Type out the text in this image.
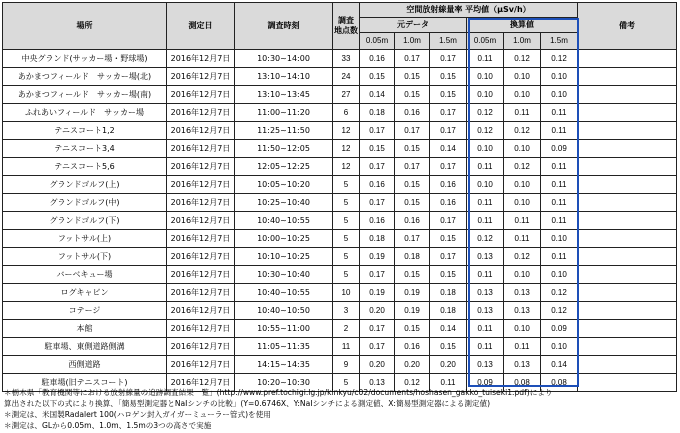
場所	測定日	調査時刻	調査
地点数	空間放射線量率 平均値（μSv/h）						備考
				元データ			換算値			
				0.05m	1.0m	1.5m	0.05m	1.0m	1.5m	
中央グランド(サッカー場・野球場)	2016年12月7日	10:30~14:00	33	0.16	0.17	0.17	0.11	0.12	0.12	
あかまつフィールド　サッカー場(北)	2016年12月7日	13:10~14:10	24	0.15	0.15	0.15	0.10	0.10	0.10	
あかまつフィールド　サッカー場(南)	2016年12月7日	13:10~13:45	27	0.14	0.15	0.15	0.10	0.10	0.10	
ふれあいフィールド　サッカー場	2016年12月7日	11:00~11:20	6	0.18	0.16	0.17	0.12	0.11	0.11	
テニスコート1,2	2016年12月7日	11:25~11:50	12	0.17	0.17	0.17	0.12	0.12	0.11	
テニスコート3,4	2016年12月7日	11:50~12:05	12	0.15	0.15	0.14	0.10	0.10	0.09	
テニスコート5,6	2016年12月7日	12:05~12:25	12	0.17	0.17	0.17	0.11	0.12	0.11	
グランドゴルフ(上)	2016年12月7日	10:05~10:20	5	0.16	0.15	0.16	0.10	0.10	0.11	
グランドゴルフ(中)	2016年12月7日	10:25~10:40	5	0.17	0.15	0.16	0.11	0.10	0.11	
グランドゴルフ(下)	2016年12月7日	10:40~10:55	5	0.16	0.16	0.17	0.11	0.11	0.11	
フットサル(上)	2016年12月7日	10:00~10:25	5	0.18	0.17	0.15	0.12	0.11	0.10	
フットサル(下)	2016年12月7日	10:10~10:25	5	0.19	0.18	0.17	0.13	0.12	0.11	
バーベキュー場	2016年12月7日	10:30~10:40	5	0.17	0.15	0.15	0.11	0.10	0.10	
ログキャビン	2016年12月7日	10:40~10:55	10	0.19	0.19	0.18	0.13	0.13	0.12	
コテージ	2016年12月7日	10:40~10:50	3	0.20	0.19	0.18	0.13	0.13	0.12	
本館	2016年12月7日	10:55~11:00	2	0.17	0.15	0.14	0.11	0.10	0.09	
駐車場、東側道路側溝	2016年12月7日	11:05~11:35	11	0.17	0.16	0.15	0.11	0.11	0.10	
西側道路	2016年12月7日	14:15~14:35	9	0.20	0.20	0.20	0.13	0.13	0.14	
駐車場(旧テニスコート)	2016年12月7日	10:20~10:30	5	0.13	0.12	0.11	0.09	0.08	0.08	
＊栃木県「教育機関等における放射線量の追跡調査結果一覧」(http://www.pref.tochigi.lg.jp/kinkyu/c02/documents/hoshasen_gakko_tuiseki1.pdf)により
算出された以下の式により換算、「簡易型測定器とNaIシンチの比較」(Y=0.6746X、Y:NaIシンチによる測定値、X:簡易型測定器による測定値)
＊測定は、米国製Radalert 100(ハロゲン封入ガイガーミューラー管式)を使用
＊測定は、GLから0.05m、1.0m、1.5mの3つの高さで実施
